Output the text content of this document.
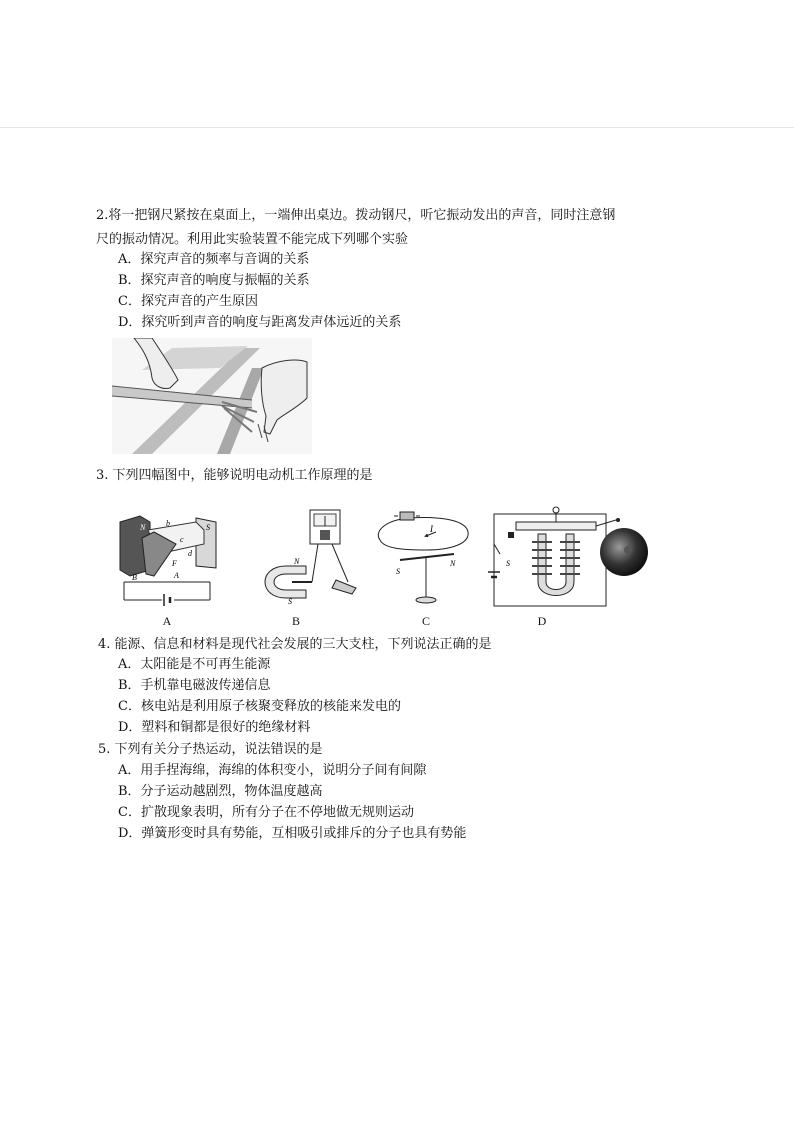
2.将一把钢尺紧按在桌面上，一端伸出桌边。拨动钢尺，听它振动发出的声音，同时注意钢
尺的振动情况。利用此实验装置不能完成下列哪个实验
A．探究声音的频率与音调的关系
B．探究声音的响度与振幅的关系
C．探究声音的产生原因
D．探究听到声音的响度与距离发声体远近的关系
3. 下列四幅图中，能够说明电动机工作原理的是
N	b	S
c
d
F
A
B
A
N
S
B
I
S
N
C
S
D
4. 能源、信息和材料是现代社会发展的三大支柱，下列说法正确的是
A．太阳能是不可再生能源
B．手机靠电磁波传递信息
C．核电站是利用原子核聚变释放的核能来发电的
D．塑料和铜都是很好的绝缘材料
5. 下列有关分子热运动，说法错误的是
A．用手捏海绵，海绵的体积变小，说明分子间有间隙
B．分子运动越剧烈，物体温度越高
C．扩散现象表明，所有分子在不停地做无规则运动
D．弹簧形变时具有势能，互相吸引或排斥的分子也具有势能
